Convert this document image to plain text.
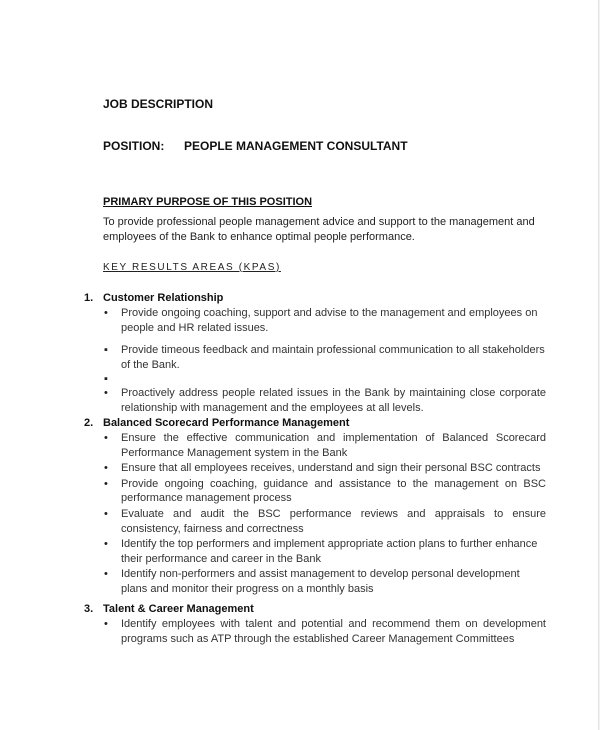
JOB DESCRIPTION
POSITION: PEOPLE MANAGEMENT CONSULTANT
PRIMARY PURPOSE OF THIS POSITION
To provide professional people management advice and support to the management and employees of the Bank to enhance optimal people performance.
KEY RESULTS AREAS (KPAS)
1. Customer Relationship
• Provide ongoing coaching, support and advise to the management and employees on people and HR related issues.
▪ Provide timeous feedback and maintain professional communication to all stakeholders of the Bank.
▪
• Proactively address people related issues in the Bank by maintaining close corporate relationship with management and the employees at all levels.
2. Balanced Scorecard Performance Management
• Ensure the effective communication and implementation of Balanced Scorecard Performance Management system in the Bank
• Ensure that all employees receives, understand and sign their personal BSC contracts
• Provide ongoing coaching, guidance and assistance to the management on BSC performance management process
• Evaluate and audit the BSC performance reviews and appraisals to ensure consistency, fairness and correctness
• Identify the top performers and implement appropriate action plans to further enhance their performance and career in the Bank
• Identify non-performers and assist management to develop personal development plans and monitor their progress on a monthly basis
3. Talent & Career Management
• Identify employees with talent and potential and recommend them on development programs such as ATP through the established Career Management Committees
